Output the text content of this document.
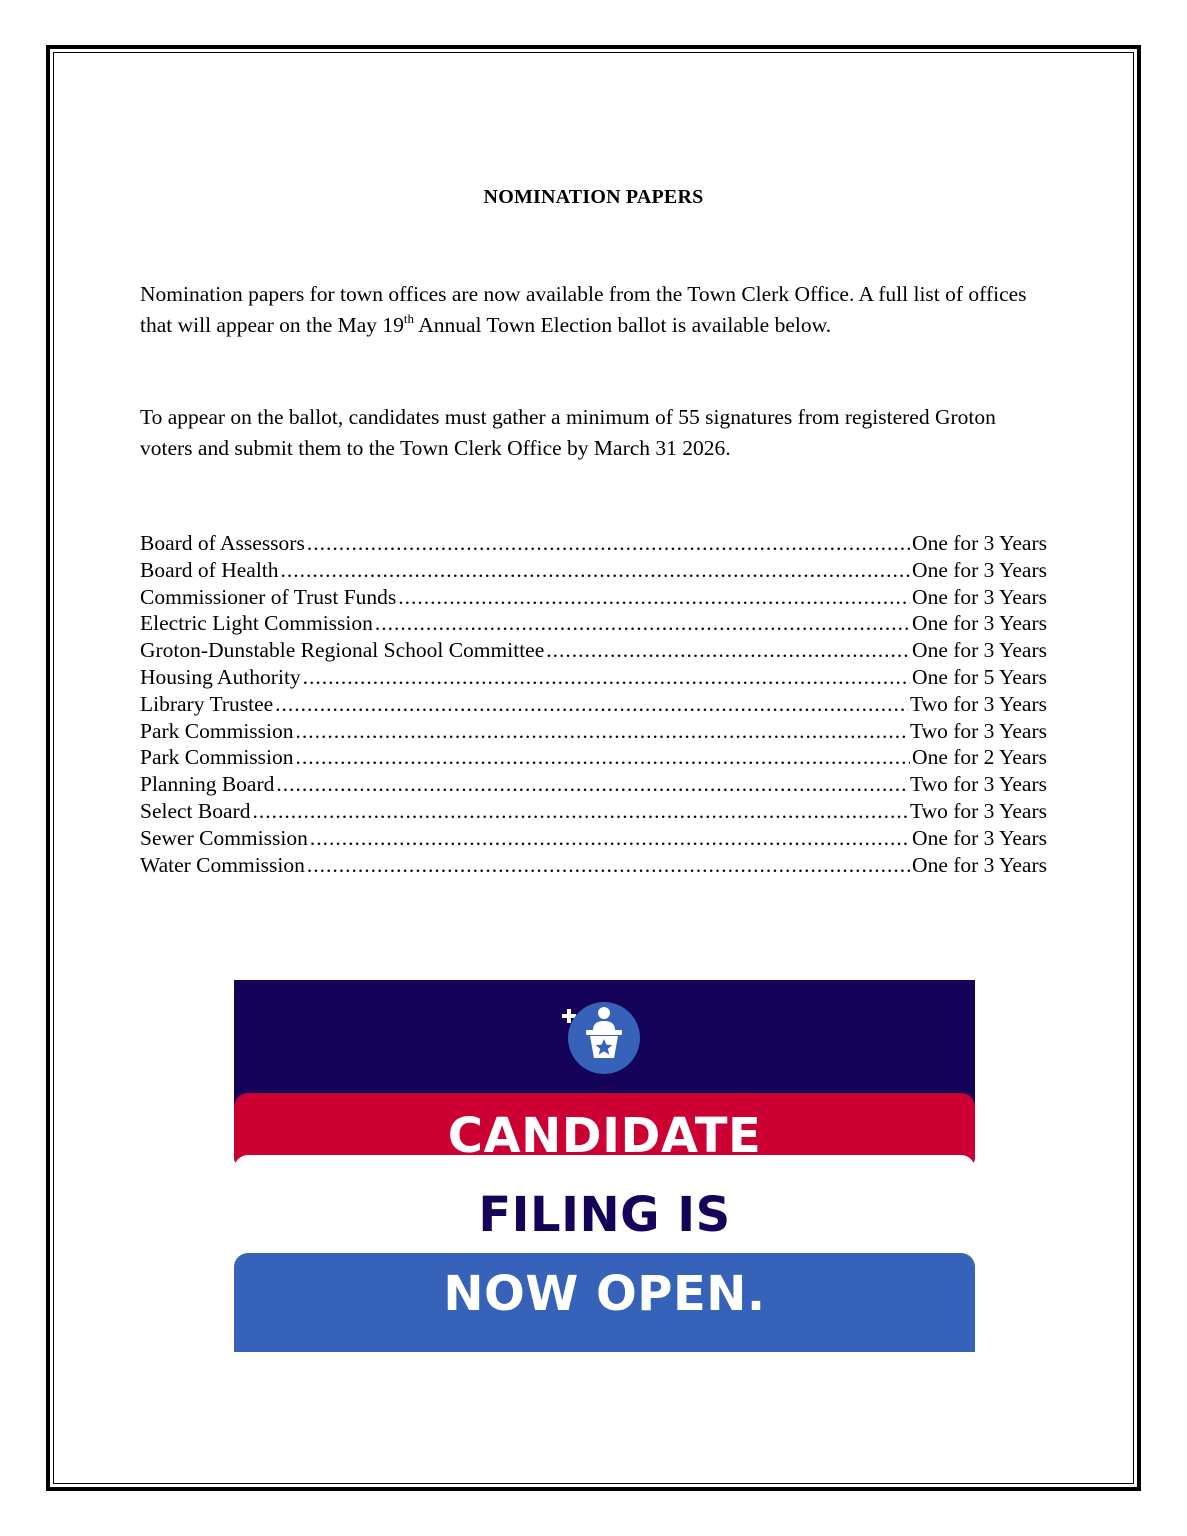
NOMINATION PAPERS
Nomination papers for town offices are now available from the Town Clerk Office. A full list of offices that will appear on the May 19th Annual Town Election ballot is available below.
To appear on the ballot, candidates must gather a minimum of 55 signatures from registered Groton voters and submit them to the Town Clerk Office by March 31 2026.
Board of Assessors .....	One for 3 Years
Board of Health .....	One for 3 Years
Commissioner of Trust Funds .....	One for 3 Years
Electric Light Commission .....	One for 3 Years
Groton-Dunstable Regional School Committee .....	One for 3 Years
Housing Authority .....	One for 5 Years
Library Trustee .....	Two for 3 Years
Park Commission .....	Two for 3 Years
Park Commission .....	One for 2 Years
Planning Board .....	Two for 3 Years
Select Board .....	Two for 3 Years
Sewer Commission .....	One for 3 Years
Water Commission .....	One for 3 Years
CANDIDATE
FILING IS
NOW OPEN.
